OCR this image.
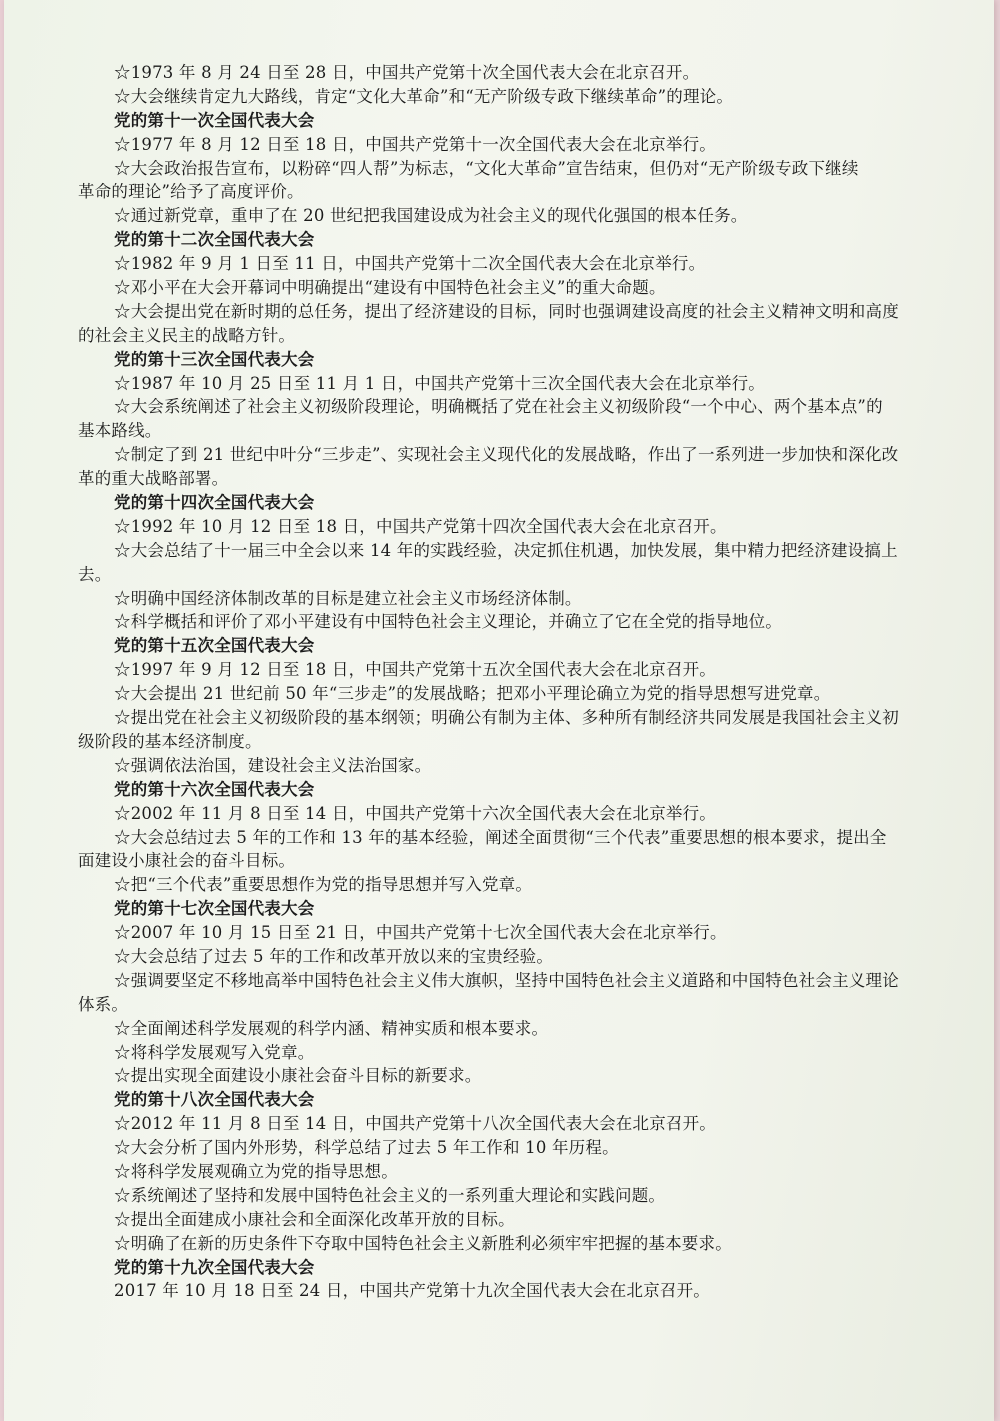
☆1973 年 8 月 24 日至 28 日，中国共产党第十次全国代表大会在北京召开。
☆大会继续肯定九大路线，肯定“文化大革命”和“无产阶级专政下继续革命”的理论。
党的第十一次全国代表大会
☆1977 年 8 月 12 日至 18 日，中国共产党第十一次全国代表大会在北京举行。
☆大会政治报告宣布，以粉碎“四人帮”为标志，“文化大革命”宣告结束，但仍对“无产阶级专政下继续
革命的理论”给予了高度评价。
☆通过新党章，重申了在 20 世纪把我国建设成为社会主义的现代化强国的根本任务。
党的第十二次全国代表大会
☆1982 年 9 月 1 日至 11 日，中国共产党第十二次全国代表大会在北京举行。
☆邓小平在大会开幕词中明确提出“建设有中国特色社会主义”的重大命题。
☆大会提出党在新时期的总任务，提出了经济建设的目标，同时也强调建设高度的社会主义精神文明和高度
的社会主义民主的战略方针。
党的第十三次全国代表大会
☆1987 年 10 月 25 日至 11 月 1 日，中国共产党第十三次全国代表大会在北京举行。
☆大会系统阐述了社会主义初级阶段理论，明确概括了党在社会主义初级阶段“一个中心、两个基本点”的
基本路线。
☆制定了到 21 世纪中叶分“三步走”、实现社会主义现代化的发展战略，作出了一系列进一步加快和深化改
革的重大战略部署。
党的第十四次全国代表大会
☆1992 年 10 月 12 日至 18 日，中国共产党第十四次全国代表大会在北京召开。
☆大会总结了十一届三中全会以来 14 年的实践经验，决定抓住机遇，加快发展，集中精力把经济建设搞上
去。
☆明确中国经济体制改革的目标是建立社会主义市场经济体制。
☆科学概括和评价了邓小平建设有中国特色社会主义理论，并确立了它在全党的指导地位。
党的第十五次全国代表大会
☆1997 年 9 月 12 日至 18 日，中国共产党第十五次全国代表大会在北京召开。
☆大会提出 21 世纪前 50 年“三步走”的发展战略；把邓小平理论确立为党的指导思想写进党章。
☆提出党在社会主义初级阶段的基本纲领；明确公有制为主体、多种所有制经济共同发展是我国社会主义初
级阶段的基本经济制度。
☆强调依法治国，建设社会主义法治国家。
党的第十六次全国代表大会
☆2002 年 11 月 8 日至 14 日，中国共产党第十六次全国代表大会在北京举行。
☆大会总结过去 5 年的工作和 13 年的基本经验，阐述全面贯彻“三个代表”重要思想的根本要求，提出全
面建设小康社会的奋斗目标。
☆把“三个代表”重要思想作为党的指导思想并写入党章。
党的第十七次全国代表大会
☆2007 年 10 月 15 日至 21 日，中国共产党第十七次全国代表大会在北京举行。
☆大会总结了过去 5 年的工作和改革开放以来的宝贵经验。
☆强调要坚定不移地高举中国特色社会主义伟大旗帜，坚持中国特色社会主义道路和中国特色社会主义理论
体系。
☆全面阐述科学发展观的科学内涵、精神实质和根本要求。
☆将科学发展观写入党章。
☆提出实现全面建设小康社会奋斗目标的新要求。
党的第十八次全国代表大会
☆2012 年 11 月 8 日至 14 日，中国共产党第十八次全国代表大会在北京召开。
☆大会分析了国内外形势，科学总结了过去 5 年工作和 10 年历程。
☆将科学发展观确立为党的指导思想。
☆系统阐述了坚持和发展中国特色社会主义的一系列重大理论和实践问题。
☆提出全面建成小康社会和全面深化改革开放的目标。
☆明确了在新的历史条件下夺取中国特色社会主义新胜利必须牢牢把握的基本要求。
党的第十九次全国代表大会
2017 年 10 月 18 日至 24 日，中国共产党第十九次全国代表大会在北京召开。
